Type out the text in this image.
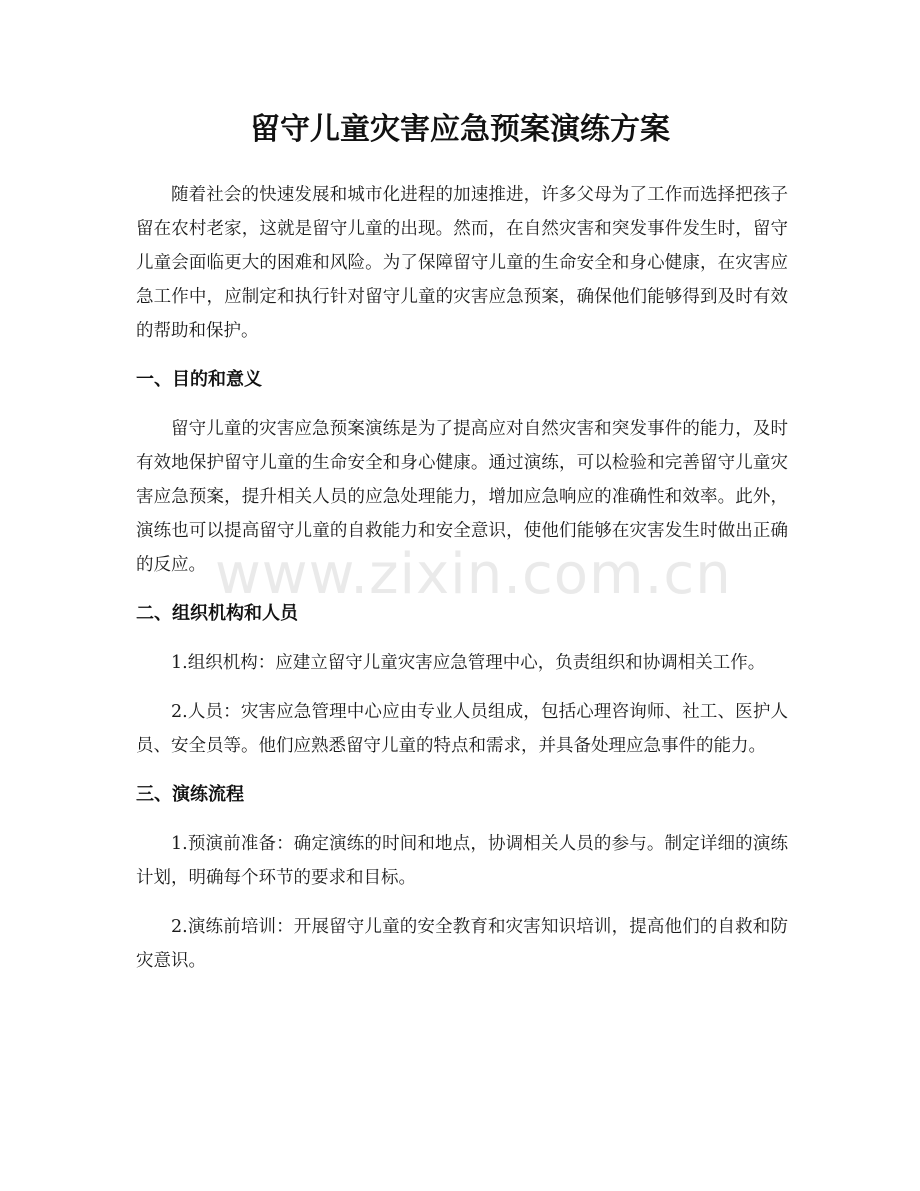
留守儿童灾害应急预案演练方案

随着社会的快速发展和城市化进程的加速推进，许多父母为了工作而选择把孩子留在农村老家，这就是留守儿童的出现。然而，在自然灾害和突发事件发生时，留守儿童会面临更大的困难和风险。为了保障留守儿童的生命安全和身心健康，在灾害应急工作中，应制定和执行针对留守儿童的灾害应急预案，确保他们能够得到及时有效的帮助和保护。

一、目的和意义

留守儿童的灾害应急预案演练是为了提高应对自然灾害和突发事件的能力，及时有效地保护留守儿童的生命安全和身心健康。通过演练，可以检验和完善留守儿童灾害应急预案，提升相关人员的应急处理能力，增加应急响应的准确性和效率。此外，演练也可以提高留守儿童的自救能力和安全意识，使他们能够在灾害发生时做出正确的反应。

二、组织机构和人员

1.组织机构：应建立留守儿童灾害应急管理中心，负责组织和协调相关工作。

2.人员：灾害应急管理中心应由专业人员组成，包括心理咨询师、社工、医护人员、安全员等。他们应熟悉留守儿童的特点和需求，并具备处理应急事件的能力。

三、演练流程

1.预演前准备：确定演练的时间和地点，协调相关人员的参与。制定详细的演练计划，明确每个环节的要求和目标。

2.演练前培训：开展留守儿童的安全教育和灾害知识培训，提高他们的自救和防灾意识。

www.zixin.com.cn
